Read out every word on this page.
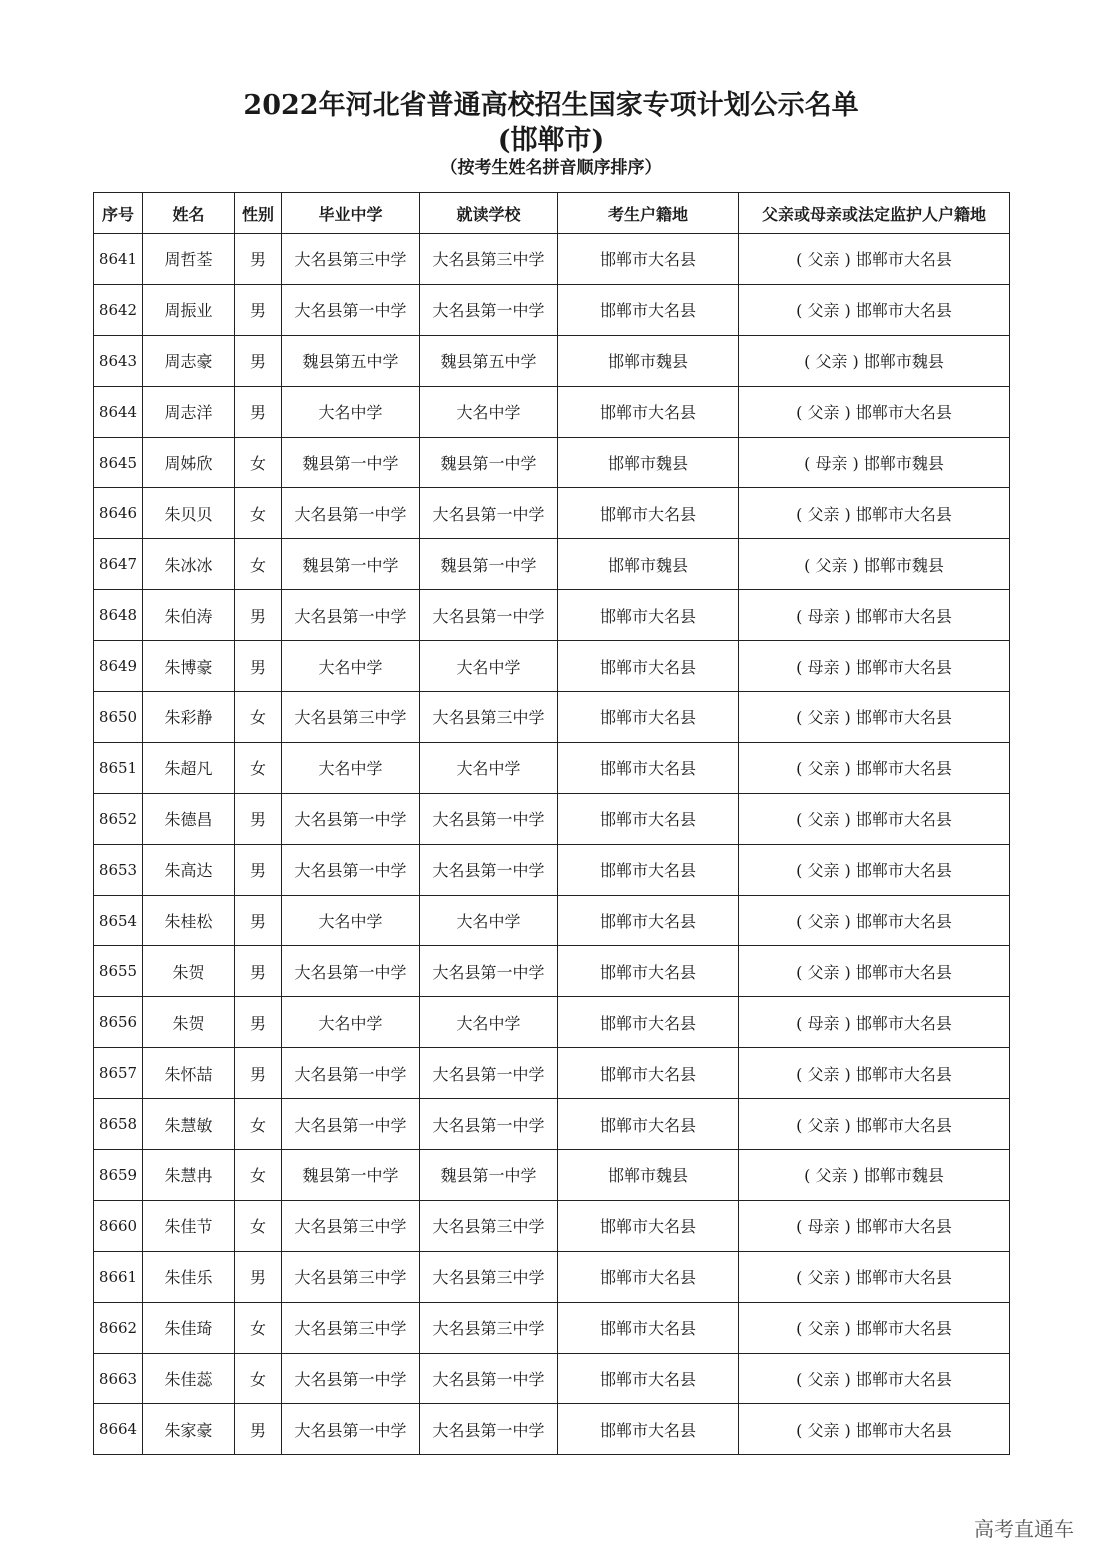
2022年河北省普通高校招生国家专项计划公示名单
(邯郸市)
（按考生姓名拼音顺序排序）
序号	姓名	性别	毕业中学	就读学校	考生户籍地	父亲或母亲或法定监护人户籍地
8641	周哲荃	男	大名县第三中学	大名县第三中学	邯郸市大名县	( 父亲 ) 邯郸市大名县
8642	周振业	男	大名县第一中学	大名县第一中学	邯郸市大名县	( 父亲 ) 邯郸市大名县
8643	周志豪	男	魏县第五中学	魏县第五中学	邯郸市魏县	( 父亲 ) 邯郸市魏县
8644	周志洋	男	大名中学	大名中学	邯郸市大名县	( 父亲 ) 邯郸市大名县
8645	周姊欣	女	魏县第一中学	魏县第一中学	邯郸市魏县	( 母亲 ) 邯郸市魏县
8646	朱贝贝	女	大名县第一中学	大名县第一中学	邯郸市大名县	( 父亲 ) 邯郸市大名县
8647	朱冰冰	女	魏县第一中学	魏县第一中学	邯郸市魏县	( 父亲 ) 邯郸市魏县
8648	朱伯涛	男	大名县第一中学	大名县第一中学	邯郸市大名县	( 母亲 ) 邯郸市大名县
8649	朱博豪	男	大名中学	大名中学	邯郸市大名县	( 母亲 ) 邯郸市大名县
8650	朱彩静	女	大名县第三中学	大名县第三中学	邯郸市大名县	( 父亲 ) 邯郸市大名县
8651	朱超凡	女	大名中学	大名中学	邯郸市大名县	( 父亲 ) 邯郸市大名县
8652	朱德昌	男	大名县第一中学	大名县第一中学	邯郸市大名县	( 父亲 ) 邯郸市大名县
8653	朱高达	男	大名县第一中学	大名县第一中学	邯郸市大名县	( 父亲 ) 邯郸市大名县
8654	朱桂松	男	大名中学	大名中学	邯郸市大名县	( 父亲 ) 邯郸市大名县
8655	朱贺	男	大名县第一中学	大名县第一中学	邯郸市大名县	( 父亲 ) 邯郸市大名县
8656	朱贺	男	大名中学	大名中学	邯郸市大名县	( 母亲 ) 邯郸市大名县
8657	朱怀喆	男	大名县第一中学	大名县第一中学	邯郸市大名县	( 父亲 ) 邯郸市大名县
8658	朱慧敏	女	大名县第一中学	大名县第一中学	邯郸市大名县	( 父亲 ) 邯郸市大名县
8659	朱慧冉	女	魏县第一中学	魏县第一中学	邯郸市魏县	( 父亲 ) 邯郸市魏县
8660	朱佳节	女	大名县第三中学	大名县第三中学	邯郸市大名县	( 母亲 ) 邯郸市大名县
8661	朱佳乐	男	大名县第三中学	大名县第三中学	邯郸市大名县	( 父亲 ) 邯郸市大名县
8662	朱佳琦	女	大名县第三中学	大名县第三中学	邯郸市大名县	( 父亲 ) 邯郸市大名县
8663	朱佳蕊	女	大名县第一中学	大名县第一中学	邯郸市大名县	( 父亲 ) 邯郸市大名县
8664	朱家豪	男	大名县第一中学	大名县第一中学	邯郸市大名县	( 父亲 ) 邯郸市大名县
高考直通车
